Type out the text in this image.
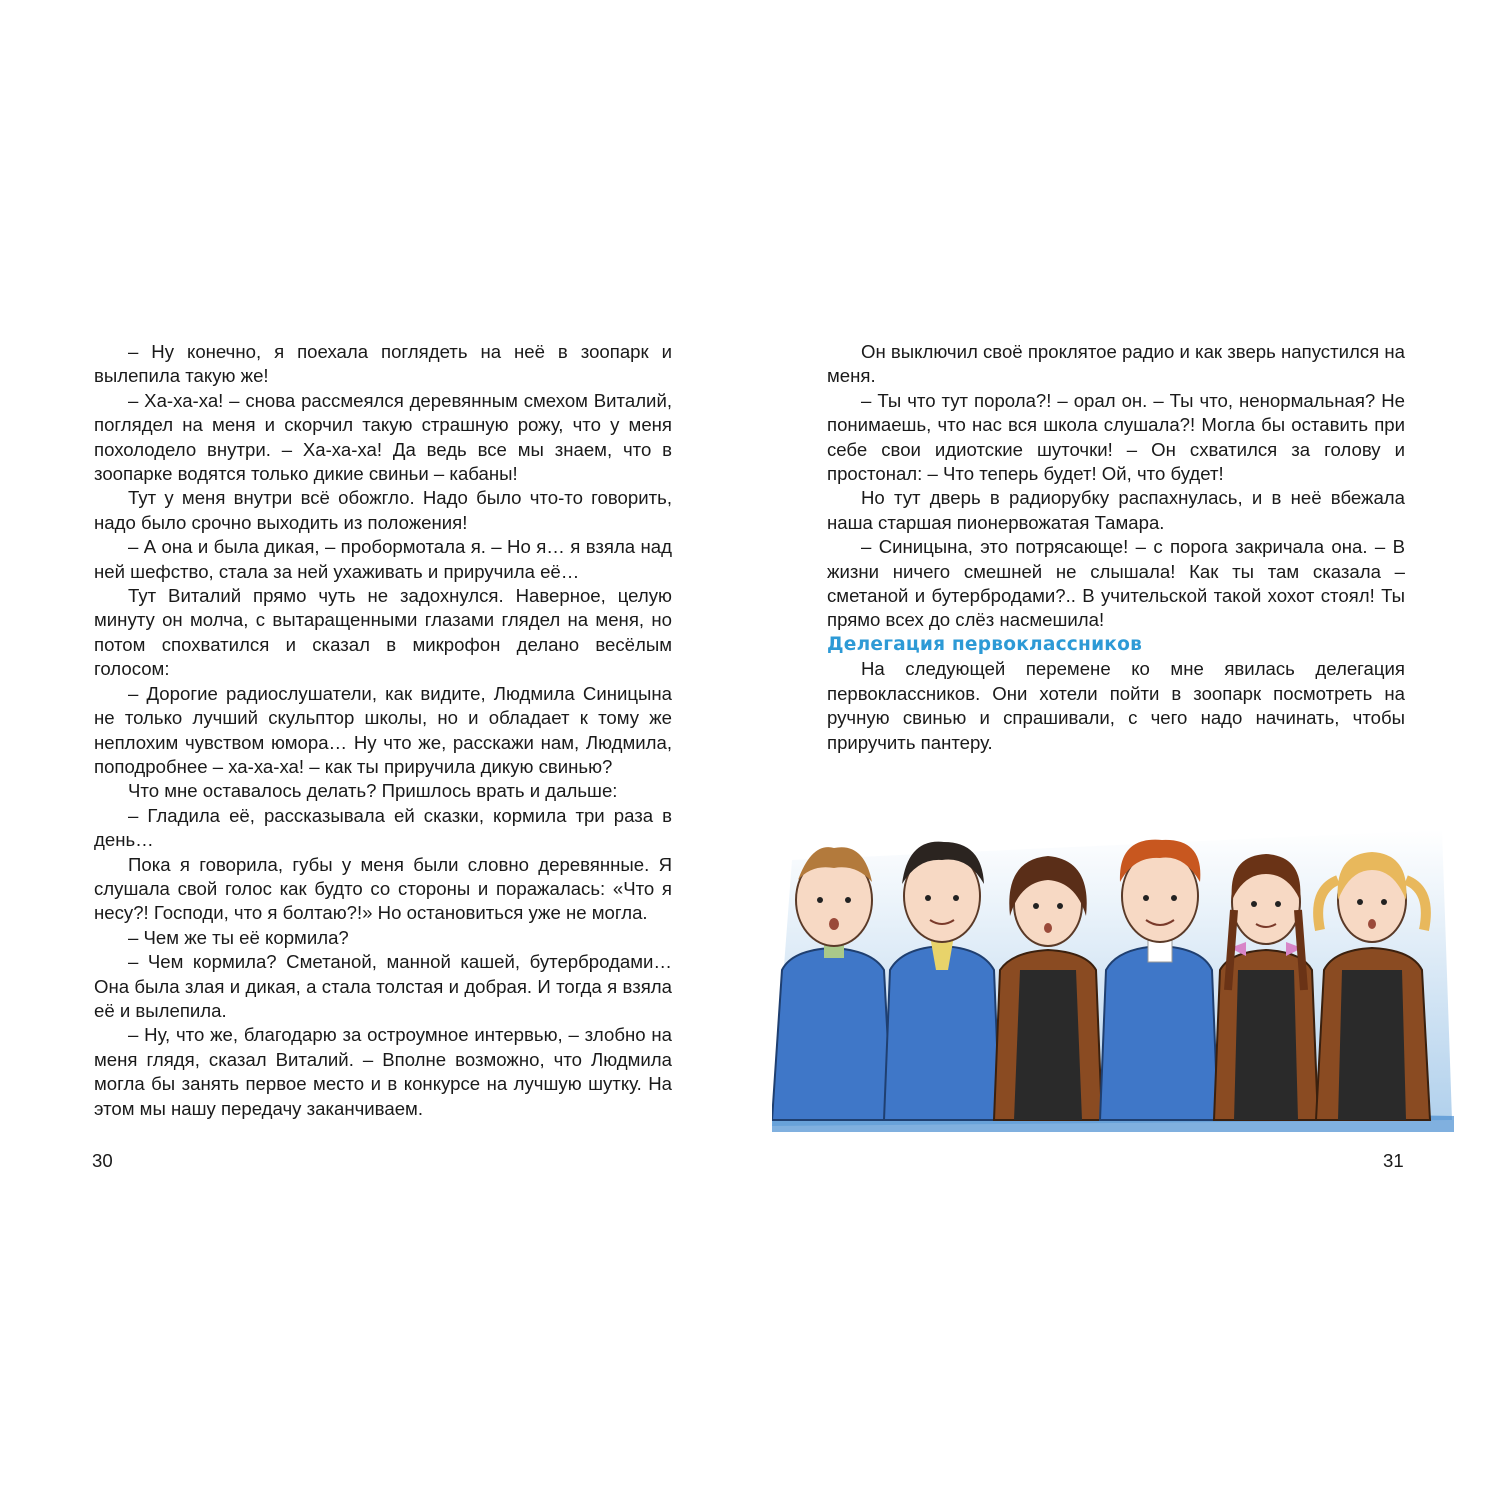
– Ну конечно, я поехала поглядеть на неё в зоопарк и вылепила такую же!

– Ха-ха-ха! – снова рассмеялся деревянным смехом Виталий, поглядел на меня и скорчил такую страшную рожу, что у меня похолодело внутри. – Ха-ха-ха! Да ведь все мы знаем, что в зоопарке водятся только дикие свиньи – кабаны!

Тут у меня внутри всё обожгло. Надо было что-то говорить, надо было срочно выходить из положения!

– А она и была дикая, – пробормотала я. – Но я… я взяла над ней шефство, стала за ней ухаживать и приручила её…

Тут Виталий прямо чуть не задохнулся. Наверное, целую минуту он молча, с вытаращенными глазами глядел на меня, но потом спохватился и сказал в микрофон делано весёлым голосом:

– Дорогие радиослушатели, как видите, Людмила Синицына не только лучший скульптор школы, но и обладает к тому же неплохим чувством юмора… Ну что же, расскажи нам, Людмила, поподробнее – ха-ха-ха! – как ты приручила дикую свинью?

Что мне оставалось делать? Пришлось врать и дальше:

– Гладила её, рассказывала ей сказки, кормила три раза в день…

Пока я говорила, губы у меня были словно деревянные. Я слушала свой голос как будто со стороны и поражалась: «Что я несу?! Господи, что я болтаю?!» Но остановиться уже не могла.

– Чем же ты её кормила?

– Чем кормила? Сметаной, манной кашей, бутербродами… Она была злая и дикая, а стала толстая и добрая. И тогда я взяла её и вылепила.

– Ну, что же, благодарю за остроумное интервью, – злобно на меня глядя, сказал Виталий. – Вполне возможно, что Людмила могла бы занять первое место и в конкурсе на лучшую шутку. На этом мы нашу передачу заканчиваем.

Он выключил своё проклятое радио и как зверь напустился на меня.

– Ты что тут порола?! – орал он. – Ты что, ненормальная? Не понимаешь, что нас вся школа слушала?! Могла бы оставить при себе свои идиотские шуточки! – Он схватился за голову и простонал: – Что теперь будет! Ой, что будет!

Но тут дверь в радиорубку распахнулась, и в неё вбежала наша старшая пионервожатая Тамара.

– Синицына, это потрясающе! – с порога закричала она. – В жизни ничего смешней не слышала! Как ты там сказала – сметаной и бутербродами?.. В учительской такой хохот стоял! Ты прямо всех до слёз насмешила!

Делегация первоклассников

На следующей перемене ко мне явилась делегация первоклассников. Они хотели пойти в зоопарк посмотреть на ручную свинью и спрашивали, с чего надо начинать, чтобы приручить пантеру.

30	31
